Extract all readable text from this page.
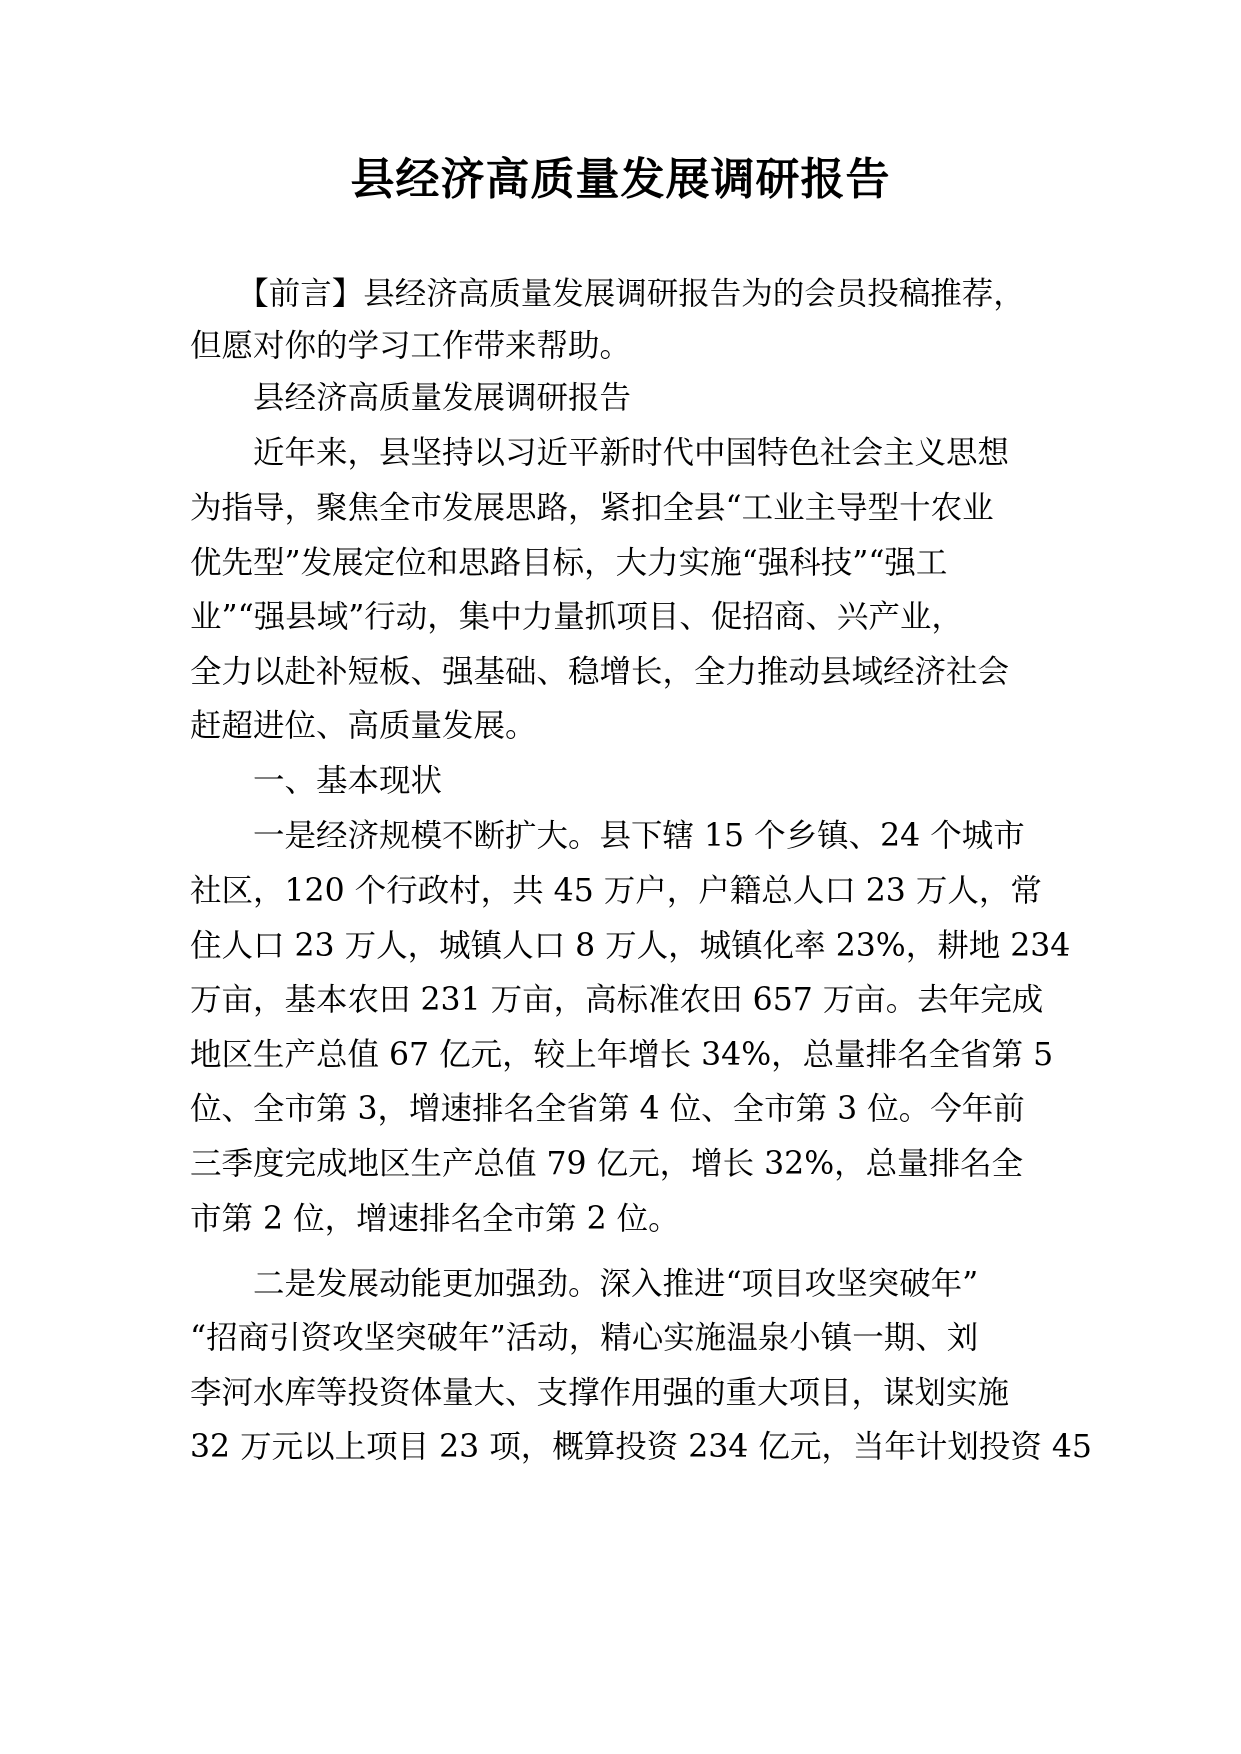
县经济高质量发展调研报告
　　【前言】县经济高质量发展调研报告为的会员投稿推荐，
但愿对你的学习工作带来帮助。
　　县经济高质量发展调研报告
　　近年来，县坚持以习近平新时代中国特色社会主义思想
为指导，聚焦全市发展思路，紧扣全县“工业主导型十农业
优先型”发展定位和思路目标，大力实施“强科技”“强工
业”“强县域”行动，集中力量抓项目、促招商、兴产业，
全力以赴补短板、强基础、稳增长，全力推动县域经济社会
赶超进位、高质量发展。
　　一、基本现状
　　一是经济规模不断扩大。县下辖 15 个乡镇、24 个城市
社区，120 个行政村，共 45 万户，户籍总人口 23 万人，常
住人口 23 万人，城镇人口 8 万人，城镇化率 23%，耕地 234
万亩，基本农田 231 万亩，高标准农田 657 万亩。去年完成
地区生产总值 67 亿元，较上年增长 34%，总量排名全省第 5
位、全市第 3，增速排名全省第 4 位、全市第 3 位。今年前
三季度完成地区生产总值 79 亿元，增长 32%，总量排名全
市第 2 位，增速排名全市第 2 位。
　　二是发展动能更加强劲。深入推进“项目攻坚突破年”
“招商引资攻坚突破年”活动，精心实施温泉小镇一期、刘
李河水库等投资体量大、支撑作用强的重大项目，谋划实施
32 万元以上项目 23 项，概算投资 234 亿元，当年计划投资 45
